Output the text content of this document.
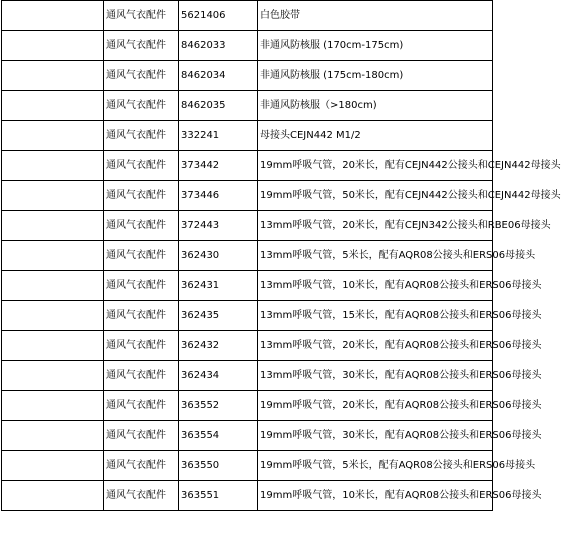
	通风气衣配件	5621406	白色胶带
	通风气衣配件	8462033	非通风防核服 (170cm-175cm)
	通风气衣配件	8462034	非通风防核服 (175cm-180cm)
	通风气衣配件	8462035	非通风防核服（>180cm)
	通风气衣配件	332241	母接头CEJN442 M1/2
	通风气衣配件	373442	19mm呼吸气管，20米长，配有CEJN442公接头和CEJN442母接头
	通风气衣配件	373446	19mm呼吸气管，50米长，配有CEJN442公接头和CEJN442母接头
	通风气衣配件	372443	13mm呼吸气管，20米长，配有CEJN342公接头和RBE06母接头
	通风气衣配件	362430	13mm呼吸气管，5米长，配有AQR08公接头和ERS06母接头
	通风气衣配件	362431	13mm呼吸气管，10米长，配有AQR08公接头和ERS06母接头
	通风气衣配件	362435	13mm呼吸气管，15米长，配有AQR08公接头和ERS06母接头
	通风气衣配件	362432	13mm呼吸气管，20米长，配有AQR08公接头和ERS06母接头
	通风气衣配件	362434	13mm呼吸气管，30米长，配有AQR08公接头和ERS06母接头
	通风气衣配件	363552	19mm呼吸气管，20米长，配有AQR08公接头和ERS06母接头
	通风气衣配件	363554	19mm呼吸气管，30米长，配有AQR08公接头和ERS06母接头
	通风气衣配件	363550	19mm呼吸气管，5米长，配有AQR08公接头和ERS06母接头
	通风气衣配件	363551	19mm呼吸气管，10米长，配有AQR08公接头和ERS06母接头
